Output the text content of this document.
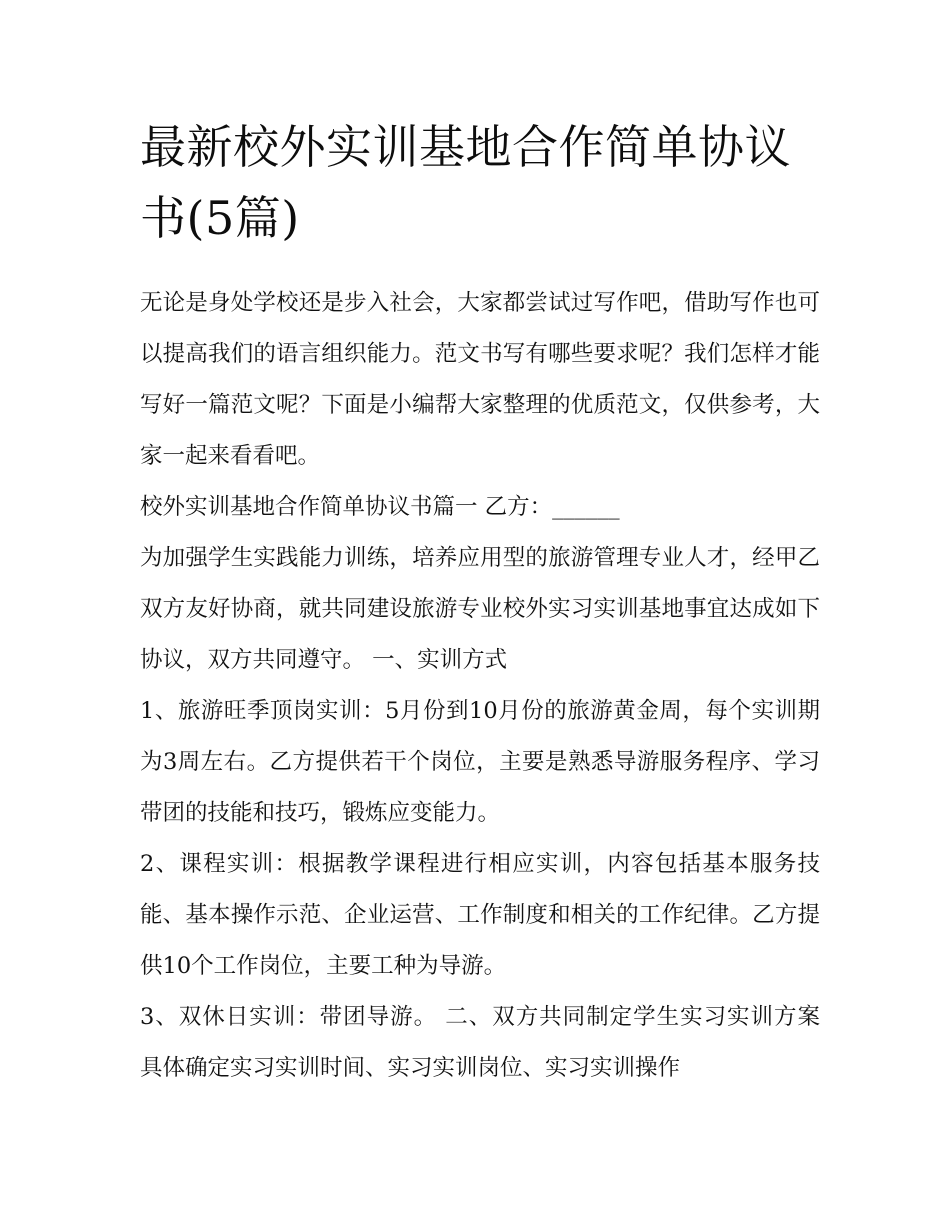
最新校外实训基地合作简单协议书(5篇)

无论是身处学校还是步入社会，大家都尝试过写作吧，借助写作也可以提高我们的语言组织能力。范文书写有哪些要求呢？我们怎样才能写好一篇范文呢？下面是小编帮大家整理的优质范文，仅供参考，大家一起来看看吧。

校外实训基地合作简单协议书篇一 乙方：______

为加强学生实践能力训练，培养应用型的旅游管理专业人才，经甲乙双方友好协商，就共同建设旅游专业校外实习实训基地事宜达成如下协议，双方共同遵守。 一、实训方式

1、旅游旺季顶岗实训：5月份到10月份的旅游黄金周，每个实训期为3周左右。乙方提供若干个岗位，主要是熟悉导游服务程序、学习带团的技能和技巧，锻炼应变能力。

2、课程实训：根据教学课程进行相应实训，内容包括基本服务技能、基本操作示范、企业运营、工作制度和相关的工作纪律。乙方提供10个工作岗位，主要工种为导游。

3、双休日实训：带团导游。 二、双方共同制定学生实习实训方案 具体确定实习实训时间、实习实训岗位、实习实训操作
